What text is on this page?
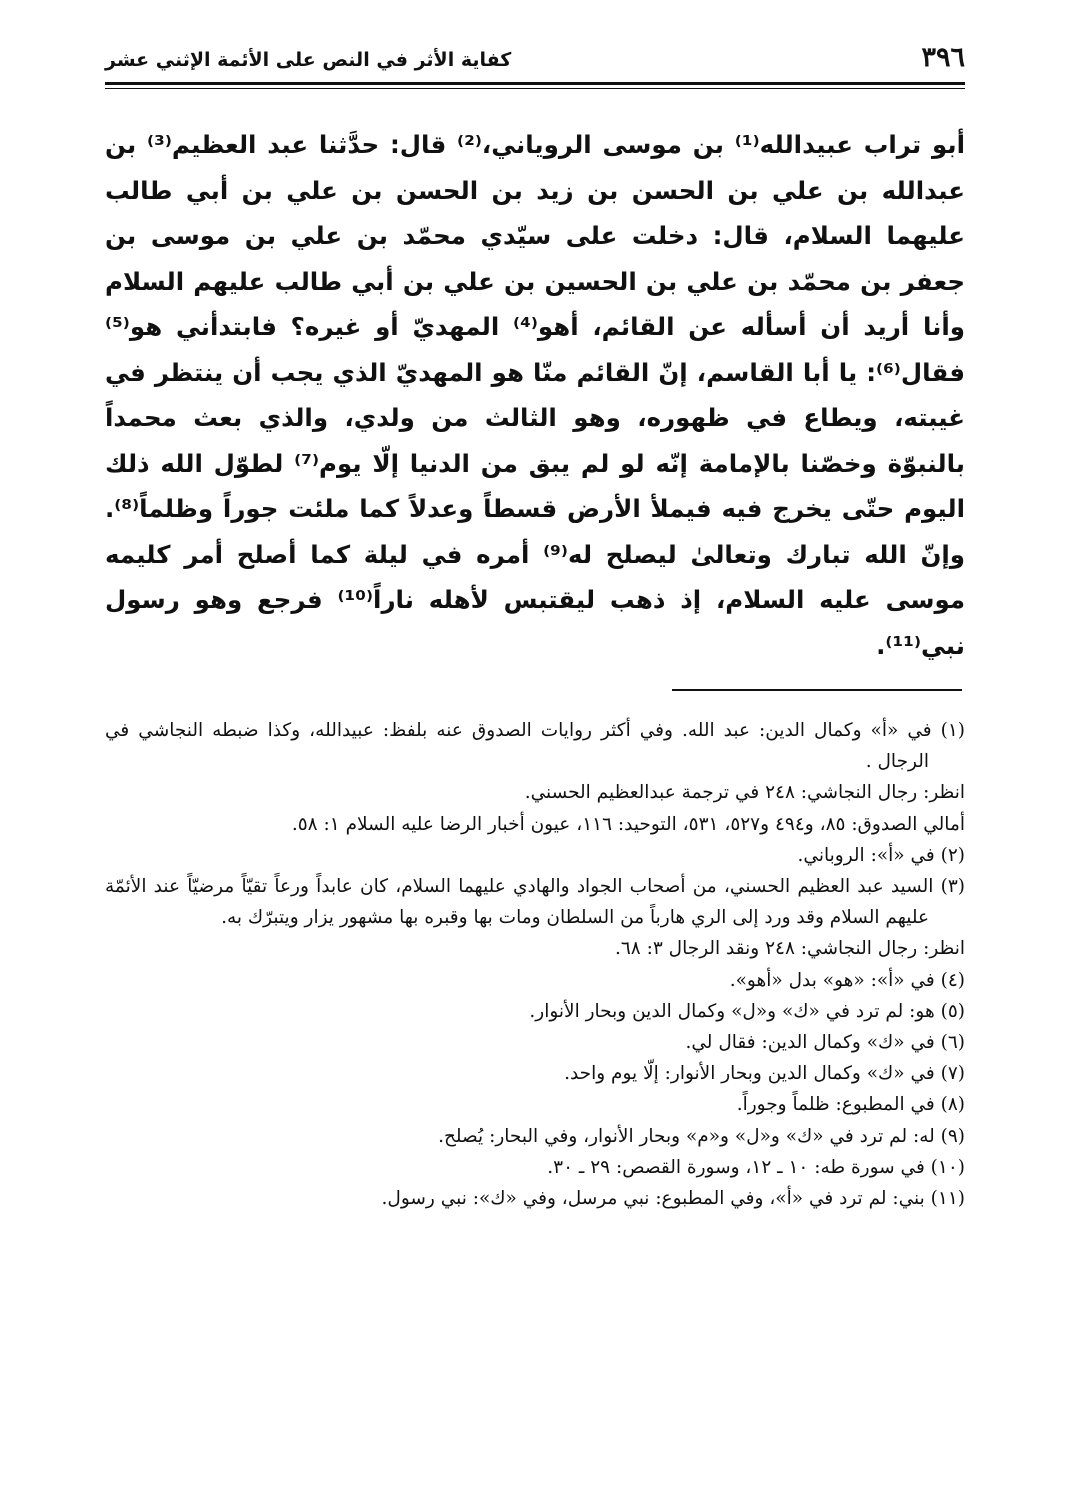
٣٩٦
كفاية الأثر في النص على الأئمة الإثني عشر

أبو تراب عبيدالله⁽¹⁾ بن موسى الروياني،⁽²⁾ قال: حدَّثنا عبد العظيم⁽³⁾ بن عبدالله بن علي بن الحسن بن زيد بن الحسن بن علي بن أبي طالب عليهما السلام، قال: دخلت على سيّدي محمّد بن علي بن موسى بن جعفر بن محمّد بن علي بن الحسين بن علي بن أبي طالب عليهم السلام وأنا أريد أن أسأله عن القائم، أهو⁽⁴⁾ المهديّ أو غيره؟ فابتدأني هو⁽⁵⁾ فقال⁽⁶⁾: يا أبا القاسم، إنّ القائم منّا هو المهديّ الذي يجب أن ينتظر في غيبته، ويطاع في ظهوره، وهو الثالث من ولدي، والذي بعث محمداً بالنبوّة وخصّنا بالإمامة إنّه لو لم يبق من الدنيا إلّا يوم⁽⁷⁾ لطوّل الله ذلك اليوم حتّى يخرج فيه فيملأ الأرض قسطاً وعدلاً كما ملئت جوراً وظلماً⁽⁸⁾. وإنّ الله تبارك وتعالىٰ ليصلح له⁽⁹⁾ أمره في ليلة كما أصلح أمر كليمه موسى عليه السلام، إذ ذهب ليقتبس لأهله ناراً⁽¹⁰⁾ فرجع وهو رسول نبي⁽¹¹⁾.

(١) في «أ» وكمال الدين: عبد الله. وفي أكثر روايات الصدوق عنه بلفظ: عبيدالله، وكذا ضبطه النجاشي في الرجال .

انظر: رجال النجاشي: ٢٤٨ في ترجمة عبدالعظيم الحسني.

أمالي الصدوق: ٨٥، و٤٩٤ و٥٢٧، ٥٣١، التوحيد: ١١٦، عيون أخبار الرضا عليه السلام ١: ٥٨.

(٢) في «أ»: الروباني.

(٣) السيد عبد العظيم الحسني، من أصحاب الجواد والهادي عليهما السلام، كان عابداً ورعاً تقيّاً مرضيّاً عند الأئمّة عليهم السلام وقد ورد إلى الري هارباً من السلطان ومات بها وقبره بها مشهور يزار ويتبرّك به.

انظر: رجال النجاشي: ٢٤٨ ونقد الرجال ٣: ٦٨.

(٤) في «أ»: «هو» بدل «أهو».

(٥) هو: لم ترد في «ك» و«ل» وكمال الدين وبحار الأنوار.

(٦) في «ك» وكمال الدين: فقال لي.

(٧) في «ك» وكمال الدين وبحار الأنوار: إلّا يوم واحد.

(٨) في المطبوع: ظلماً وجوراً.

(٩) له: لم ترد في «ك» و«ل» و«م» وبحار الأنوار، وفي البحار: يُصلح.

(١٠) في سورة طه: ١٠ ـ ١٢، وسورة القصص: ٢٩ ـ ٣٠.

(١١) بني: لم ترد في «أ»، وفي المطبوع: نبي مرسل، وفي «ك»: نبي رسول.
